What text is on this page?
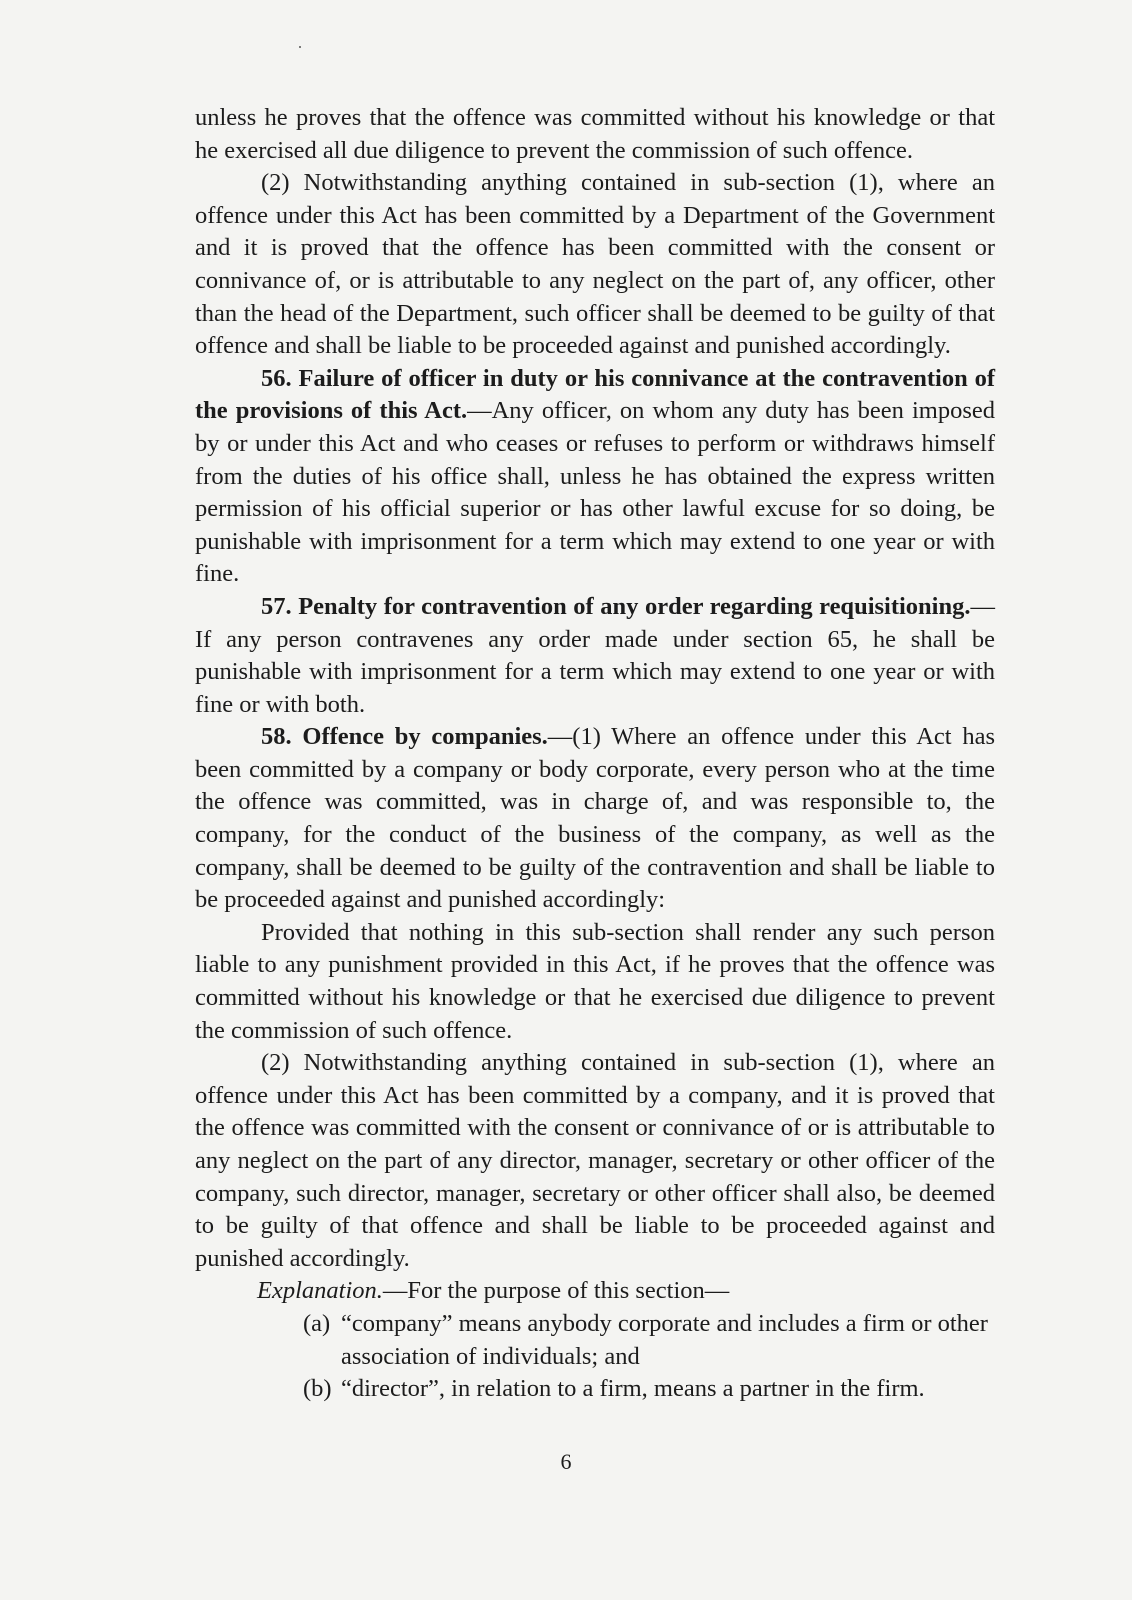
unless he proves that the offence was committed without his knowledge or that he exercised all due diligence to prevent the commission of such offence.

(2) Notwithstanding anything contained in sub-section (1), where an offence under this Act has been committed by a Department of the Government and it is proved that the offence has been committed with the consent or connivance of, or is attributable to any neglect on the part of, any officer, other than the head of the Department, such officer shall be deemed to be guilty of that offence and shall be liable to be proceeded against and punished accordingly.

56. Failure of officer in duty or his connivance at the contravention of the provisions of this Act.—Any officer, on whom any duty has been imposed by or under this Act and who ceases or refuses to perform or withdraws himself from the duties of his office shall, unless he has obtained the express written permission of his official superior or has other lawful excuse for so doing, be punishable with imprisonment for a term which may extend to one year or with fine.

57. Penalty for contravention of any order regarding requisitioning.—If any person contravenes any order made under section 65, he shall be punishable with imprisonment for a term which may extend to one year or with fine or with both.

58. Offence by companies.—(1) Where an offence under this Act has been committed by a company or body corporate, every person who at the time the offence was committed, was in charge of, and was responsible to, the company, for the conduct of the business of the company, as well as the company, shall be deemed to be guilty of the contravention and shall be liable to be proceeded against and punished accordingly:

Provided that nothing in this sub-section shall render any such person liable to any punishment provided in this Act, if he proves that the offence was committed without his knowledge or that he exercised due diligence to prevent the commission of such offence.

(2) Notwithstanding anything contained in sub-section (1), where an offence under this Act has been committed by a company, and it is proved that the offence was committed with the consent or connivance of or is attributable to any neglect on the part of any director, manager, secretary or other officer of the company, such director, manager, secretary or other officer shall also, be deemed to be guilty of that offence and shall be liable to be proceeded against and punished accordingly.

Explanation.—For the purpose of this section—

(a) “company” means anybody corporate and includes a firm or other association of individuals; and

(b) “director”, in relation to a firm, means a partner in the firm.

6
